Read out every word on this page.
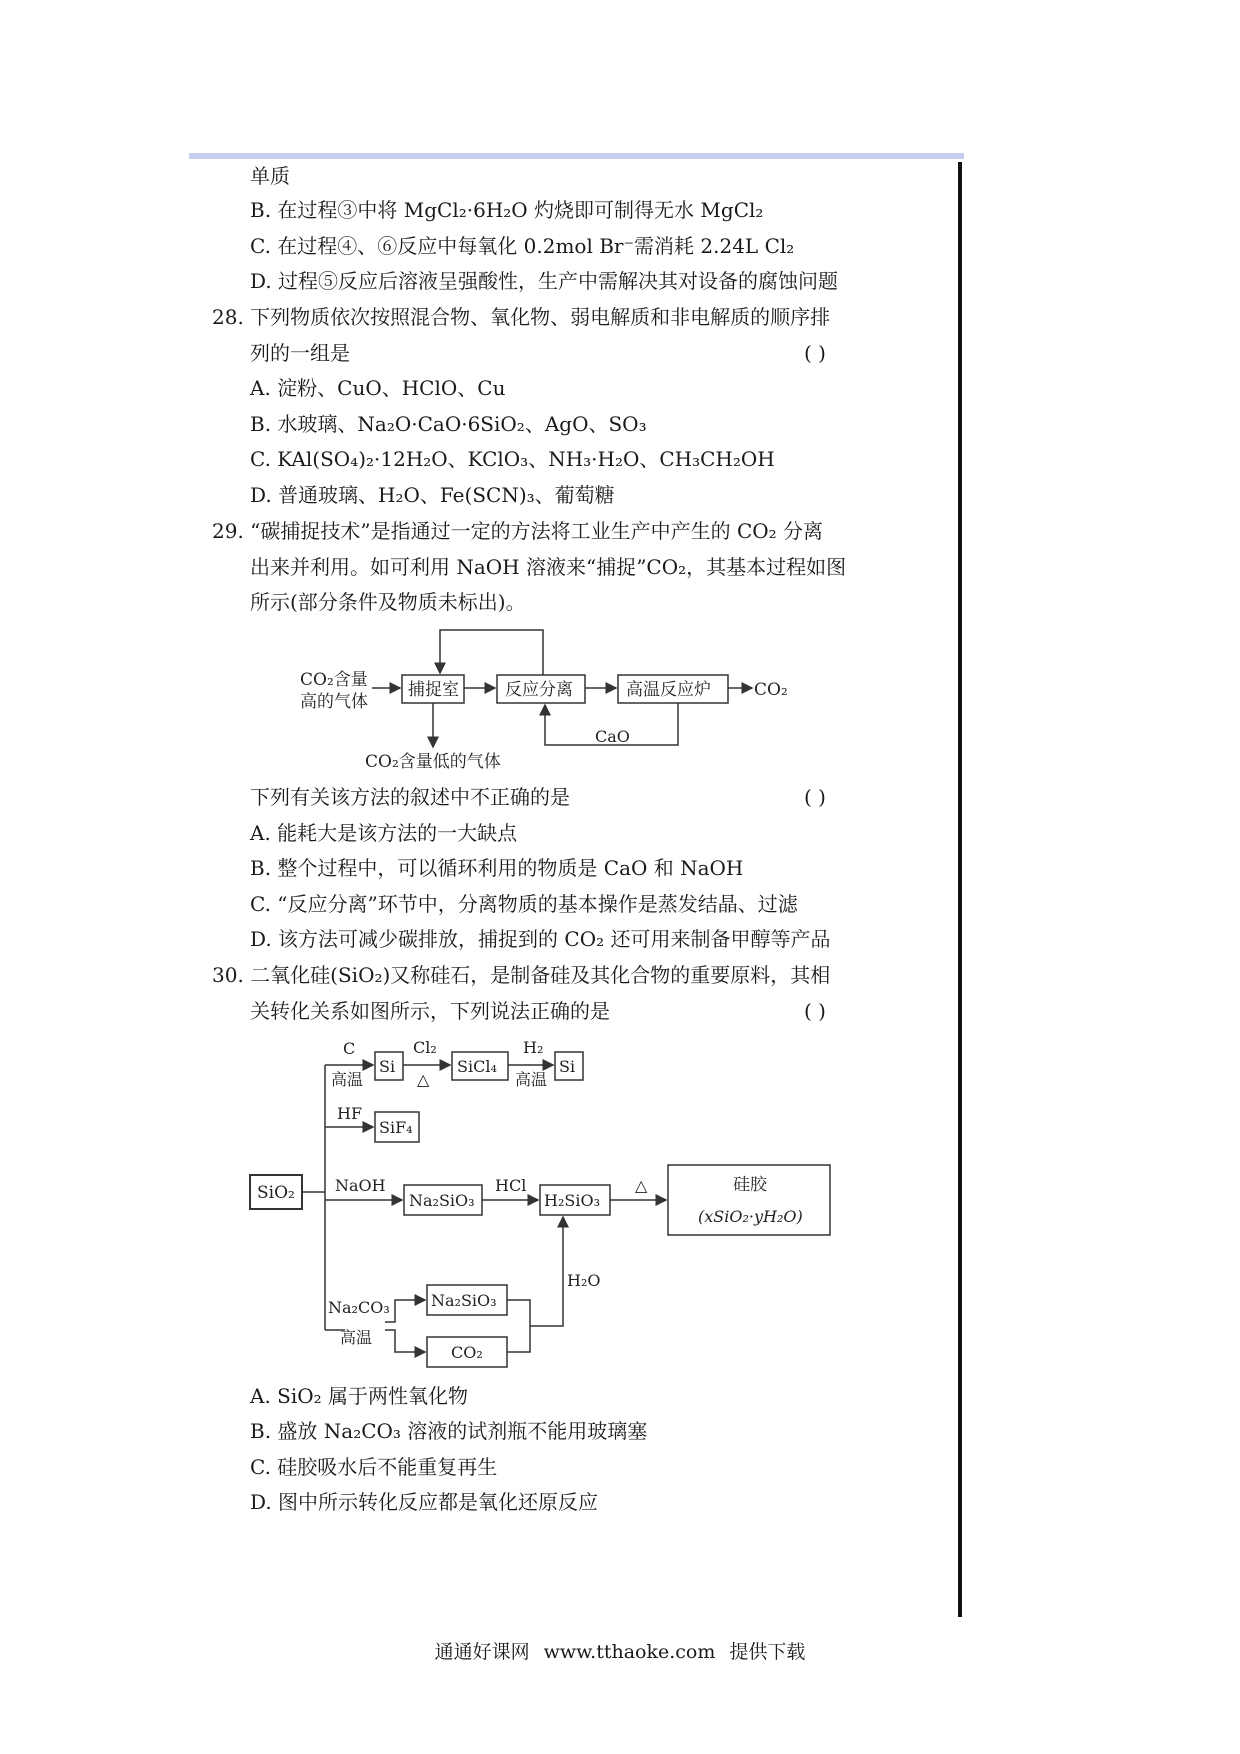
单质
B. 在过程③中将 MgCl₂·6H₂O 灼烧即可制得无水 MgCl₂
C. 在过程④、⑥反应中每氧化 0.2mol Br⁻需消耗 2.24L Cl₂
D. 过程⑤反应后溶液呈强酸性，生产中需解决其对设备的腐蚀问题
28. 下列物质依次按照混合物、氧化物、弱电解质和非电解质的顺序排
列的一组是	( )
A. 淀粉、CuO、HClO、Cu
B. 水玻璃、Na₂O·CaO·6SiO₂、AgO、SO₃
C. KAl(SO₄)₂·12H₂O、KClO₃、NH₃·H₂O、CH₃CH₂OH
D. 普通玻璃、H₂O、Fe(SCN)₃、葡萄糖
29. “碳捕捉技术”是指通过一定的方法将工业生产中产生的 CO₂ 分离
出来并利用。如可利用 NaOH 溶液来“捕捉”CO₂，其基本过程如图
所示(部分条件及物质未标出)。
CO₂含量
高的气体
捕捉室	反应分离	高温反应炉	CO₂
CaO
CO₂含量低的气体
下列有关该方法的叙述中不正确的是	( )
A. 能耗大是该方法的一大缺点
B. 整个过程中，可以循环利用的物质是 CaO 和 NaOH
C. “反应分离”环节中，分离物质的基本操作是蒸发结晶、过滤
D. 该方法可减少碳排放，捕捉到的 CO₂ 还可用来制备甲醇等产品
30. 二氧化硅(SiO₂)又称硅石，是制备硅及其化合物的重要原料，其相
关转化关系如图所示，下列说法正确的是	( )
SiO₂
C
高温
Si
Cl₂
△
SiCl₄
H₂
高温
Si
HF
SiF₄
NaOH
Na₂SiO₃
HCl
H₂SiO₃
△	硅胶
(xSiO₂·yH₂O)
Na₂CO₃
高温
Na₂SiO₃
CO₂
H₂O
A. SiO₂ 属于两性氧化物
B. 盛放 Na₂CO₃ 溶液的试剂瓶不能用玻璃塞
C. 硅胶吸水后不能重复再生
D. 图中所示转化反应都是氧化还原反应
通通好课网 www.tthaoke.com 提供下载
